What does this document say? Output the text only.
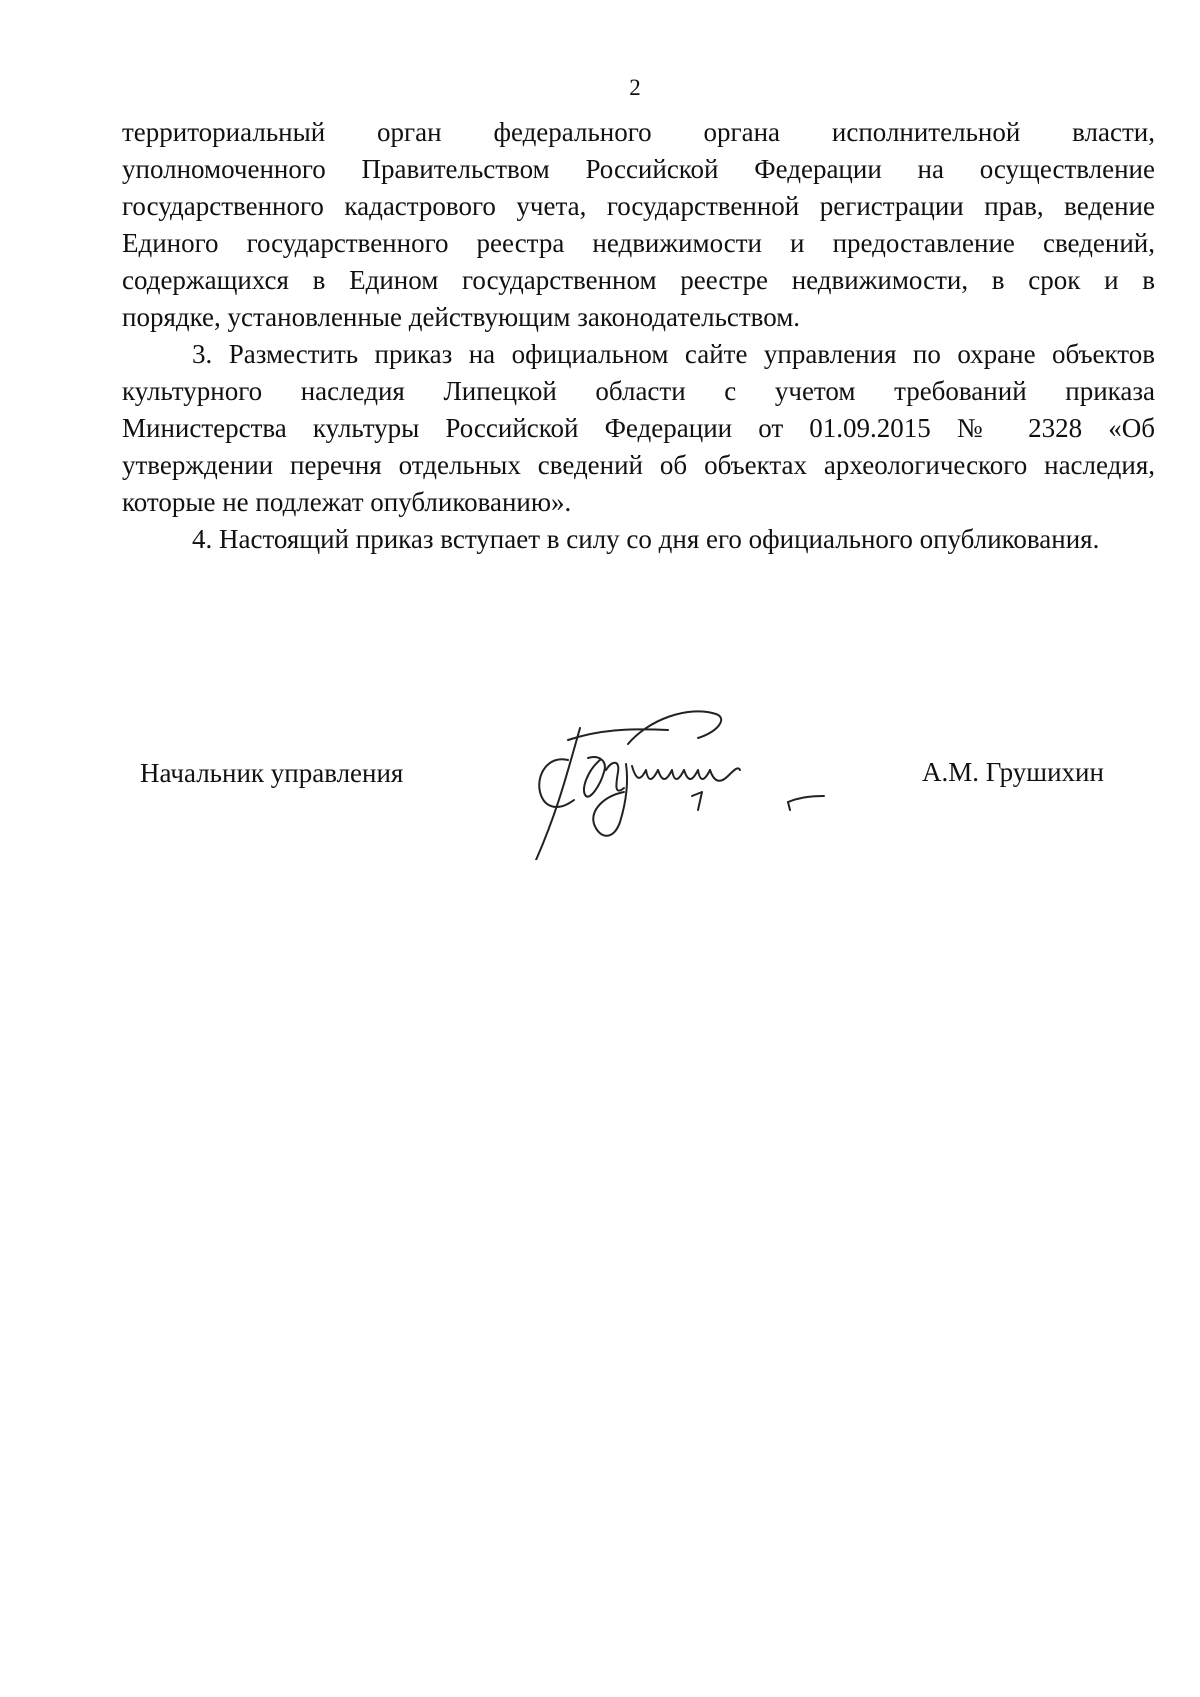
2
территориальный орган федерального органа исполнительной власти,
уполномоченного Правительством Российской Федерации на осуществление
государственного кадастрового учета, государственной регистрации прав, ведение
Единого государственного реестра недвижимости и предоставление сведений,
содержащихся в Едином государственном реестре недвижимости, в срок и в
порядке, установленные действующим законодательством.
3. Разместить приказ на официальном сайте управления по охране объектов
культурного наследия Липецкой области с учетом требований приказа
Министерства культуры Российской Федерации от 01.09.2015 № 2328 «Об
утверждении перечня отдельных сведений об объектах археологического наследия,
которые не подлежат опубликованию».
4. Настоящий приказ вступает в силу со дня его официального опубликования.
Начальник управления	А.М. Грушихин
